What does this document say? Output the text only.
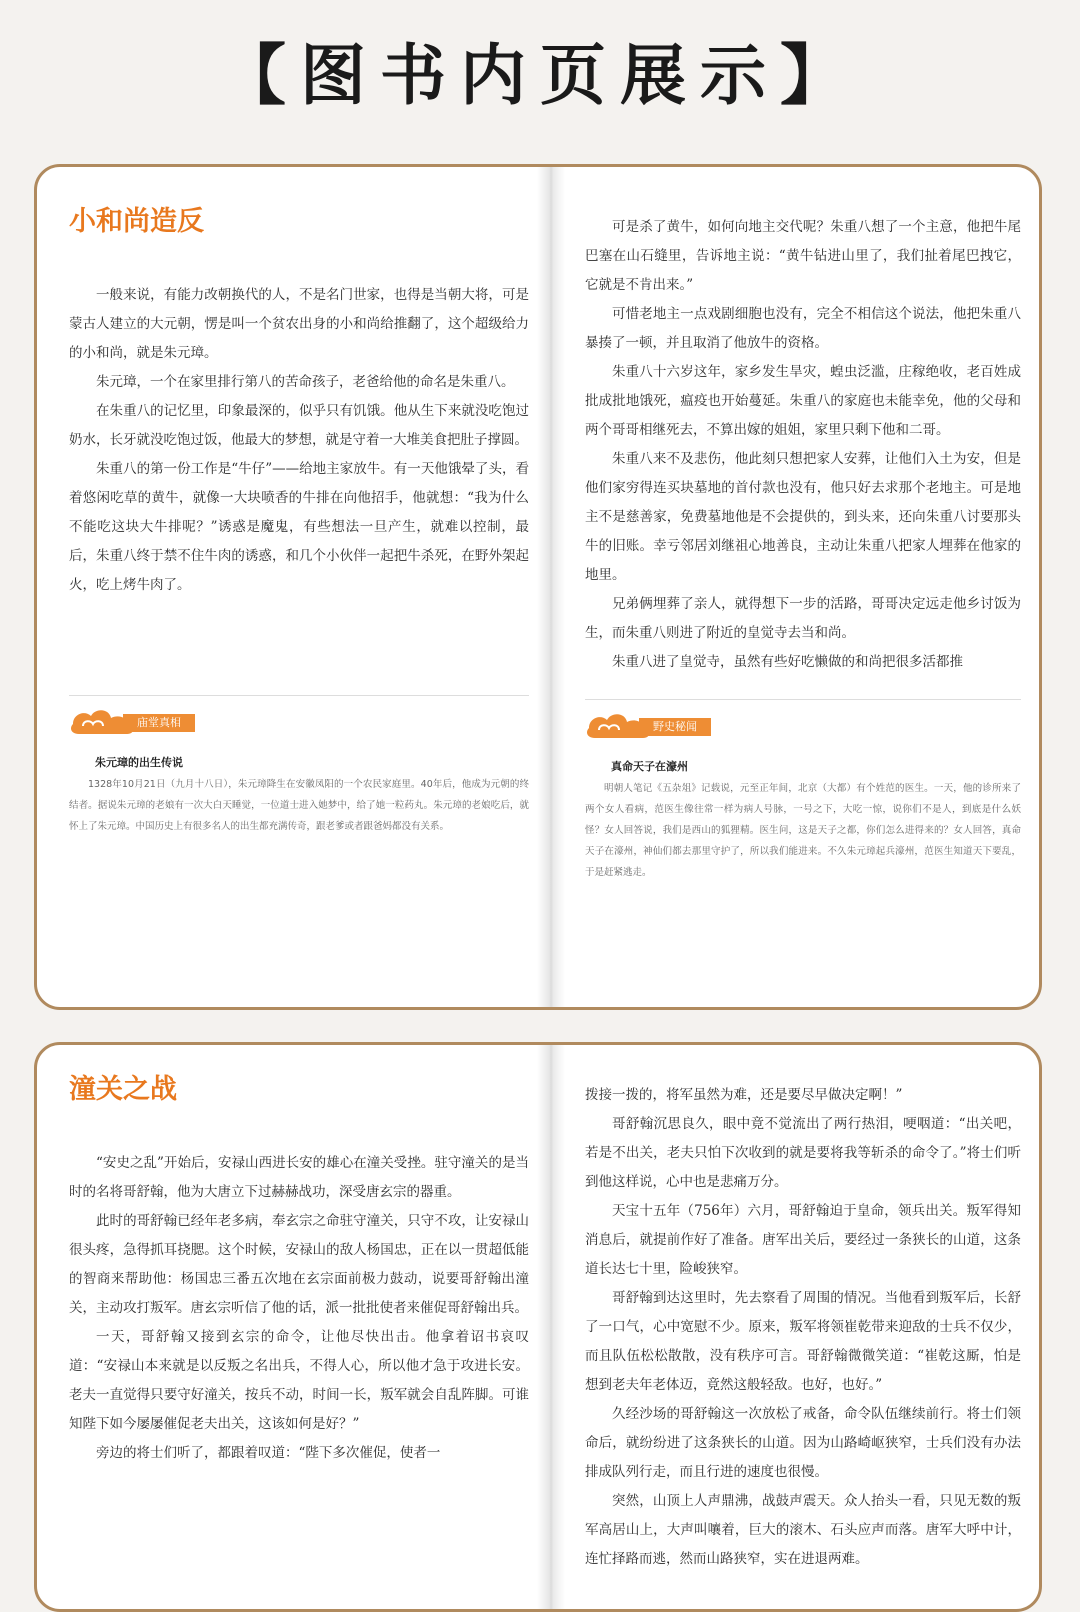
【图书内页展示】
小和尚造反

一般来说，有能力改朝换代的人，不是名门世家，也得是当朝大将，可是蒙古人建立的大元朝，愣是叫一个贫农出身的小和尚给推翻了，这个超级给力的小和尚，就是朱元璋。

朱元璋，一个在家里排行第八的苦命孩子，老爸给他的命名是朱重八。

在朱重八的记忆里，印象最深的，似乎只有饥饿。他从生下来就没吃饱过奶水，长牙就没吃饱过饭，他最大的梦想，就是守着一大堆美食把肚子撑圆。

朱重八的第一份工作是“牛仔”——给地主家放牛。有一天他饿晕了头，看着悠闲吃草的黄牛，就像一大块喷香的牛排在向他招手，他就想：“我为什么不能吃这块大牛排呢？”诱惑是魔鬼，有些想法一旦产生，就难以控制，最后，朱重八终于禁不住牛肉的诱惑，和几个小伙伴一起把牛杀死，在野外架起火，吃上烤牛肉了。

庙堂真相
朱元璋的出生传说
1328年10月21日（九月十八日），朱元璋降生在安徽凤阳的一个农民家庭里。40年后，他成为元朝的终结者。据说朱元璋的老娘有一次大白天睡觉，一位道士进入她梦中，给了她一粒药丸。朱元璋的老娘吃后，就怀上了朱元璋。中国历史上有很多名人的出生都充满传奇，跟老爹或者跟爸妈都没有关系。

可是杀了黄牛，如何向地主交代呢？朱重八想了一个主意，他把牛尾巴塞在山石缝里，告诉地主说：“黄牛钻进山里了，我们扯着尾巴拽它，它就是不肯出来。”

可惜老地主一点戏剧细胞也没有，完全不相信这个说法，他把朱重八暴揍了一顿，并且取消了他放牛的资格。

朱重八十六岁这年，家乡发生旱灾，蝗虫泛滥，庄稼绝收，老百姓成批成批地饿死，瘟疫也开始蔓延。朱重八的家庭也未能幸免，他的父母和两个哥哥相继死去，不算出嫁的姐姐，家里只剩下他和二哥。

朱重八来不及悲伤，他此刻只想把家人安葬，让他们入土为安，但是他们家穷得连买块墓地的首付款也没有，他只好去求那个老地主。可是地主不是慈善家，免费墓地他是不会提供的，到头来，还向朱重八讨要那头牛的旧账。幸亏邻居刘继祖心地善良，主动让朱重八把家人埋葬在他家的地里。

兄弟俩埋葬了亲人，就得想下一步的活路，哥哥决定远走他乡讨饭为生，而朱重八则进了附近的皇觉寺去当和尚。

朱重八进了皇觉寺，虽然有些好吃懒做的和尚把很多活都推

野史秘闻
真命天子在濠州
明朝人笔记《五杂俎》记载说，元至正年间，北京（大都）有个姓范的医生。一天，他的诊所来了两个女人看病，范医生像往常一样为病人号脉，一号之下，大吃一惊，说你们不是人，到底是什么妖怪？女人回答说，我们是西山的狐狸精。医生问，这是天子之都，你们怎么进得来的？女人回答，真命天子在濠州，神仙们都去那里守护了，所以我们能进来。不久朱元璋起兵濠州，范医生知道天下要乱，于是赶紧逃走。
潼关之战

“安史之乱”开始后，安禄山西进长安的雄心在潼关受挫。驻守潼关的是当时的名将哥舒翰，他为大唐立下过赫赫战功，深受唐玄宗的器重。

此时的哥舒翰已经年老多病，奉玄宗之命驻守潼关，只守不攻，让安禄山很头疼，急得抓耳挠腮。这个时候，安禄山的敌人杨国忠，正在以一贯超低能的智商来帮助他：杨国忠三番五次地在玄宗面前极力鼓动，说要哥舒翰出潼关，主动攻打叛军。唐玄宗听信了他的话，派一批批使者来催促哥舒翰出兵。

一天，哥舒翰又接到玄宗的命令，让他尽快出击。他拿着诏书哀叹道：“安禄山本来就是以反叛之名出兵，不得人心，所以他才急于攻进长安。老夫一直觉得只要守好潼关，按兵不动，时间一长，叛军就会自乱阵脚。可谁知陛下如今屡屡催促老夫出关，这该如何是好？”

旁边的将士们听了，都跟着叹道：“陛下多次催促，使者一

拨接一拨的，将军虽然为难，还是要尽早做决定啊！”

哥舒翰沉思良久，眼中竟不觉流出了两行热泪，哽咽道：“出关吧，若是不出关，老夫只怕下次收到的就是要将我等斩杀的命令了。”将士们听到他这样说，心中也是悲痛万分。

天宝十五年（756年）六月，哥舒翰迫于皇命，领兵出关。叛军得知消息后，就提前作好了准备。唐军出关后，要经过一条狭长的山道，这条道长达七十里，险峻狭窄。

哥舒翰到达这里时，先去察看了周围的情况。当他看到叛军后，长舒了一口气，心中宽慰不少。原来，叛军将领崔乾带来迎敌的士兵不仅少，而且队伍松松散散，没有秩序可言。哥舒翰微微笑道：“崔乾这厮，怕是想到老夫年老体迈，竟然这般轻敌。也好，也好。”

久经沙场的哥舒翰这一次放松了戒备，命令队伍继续前行。将士们领命后，就纷纷进了这条狭长的山道。因为山路崎岖狭窄，士兵们没有办法排成队列行走，而且行进的速度也很慢。

突然，山顶上人声鼎沸，战鼓声震天。众人抬头一看，只见无数的叛军高居山上，大声叫嚷着，巨大的滚木、石头应声而落。唐军大呼中计，连忙择路而逃，然而山路狭窄，实在进退两难。
